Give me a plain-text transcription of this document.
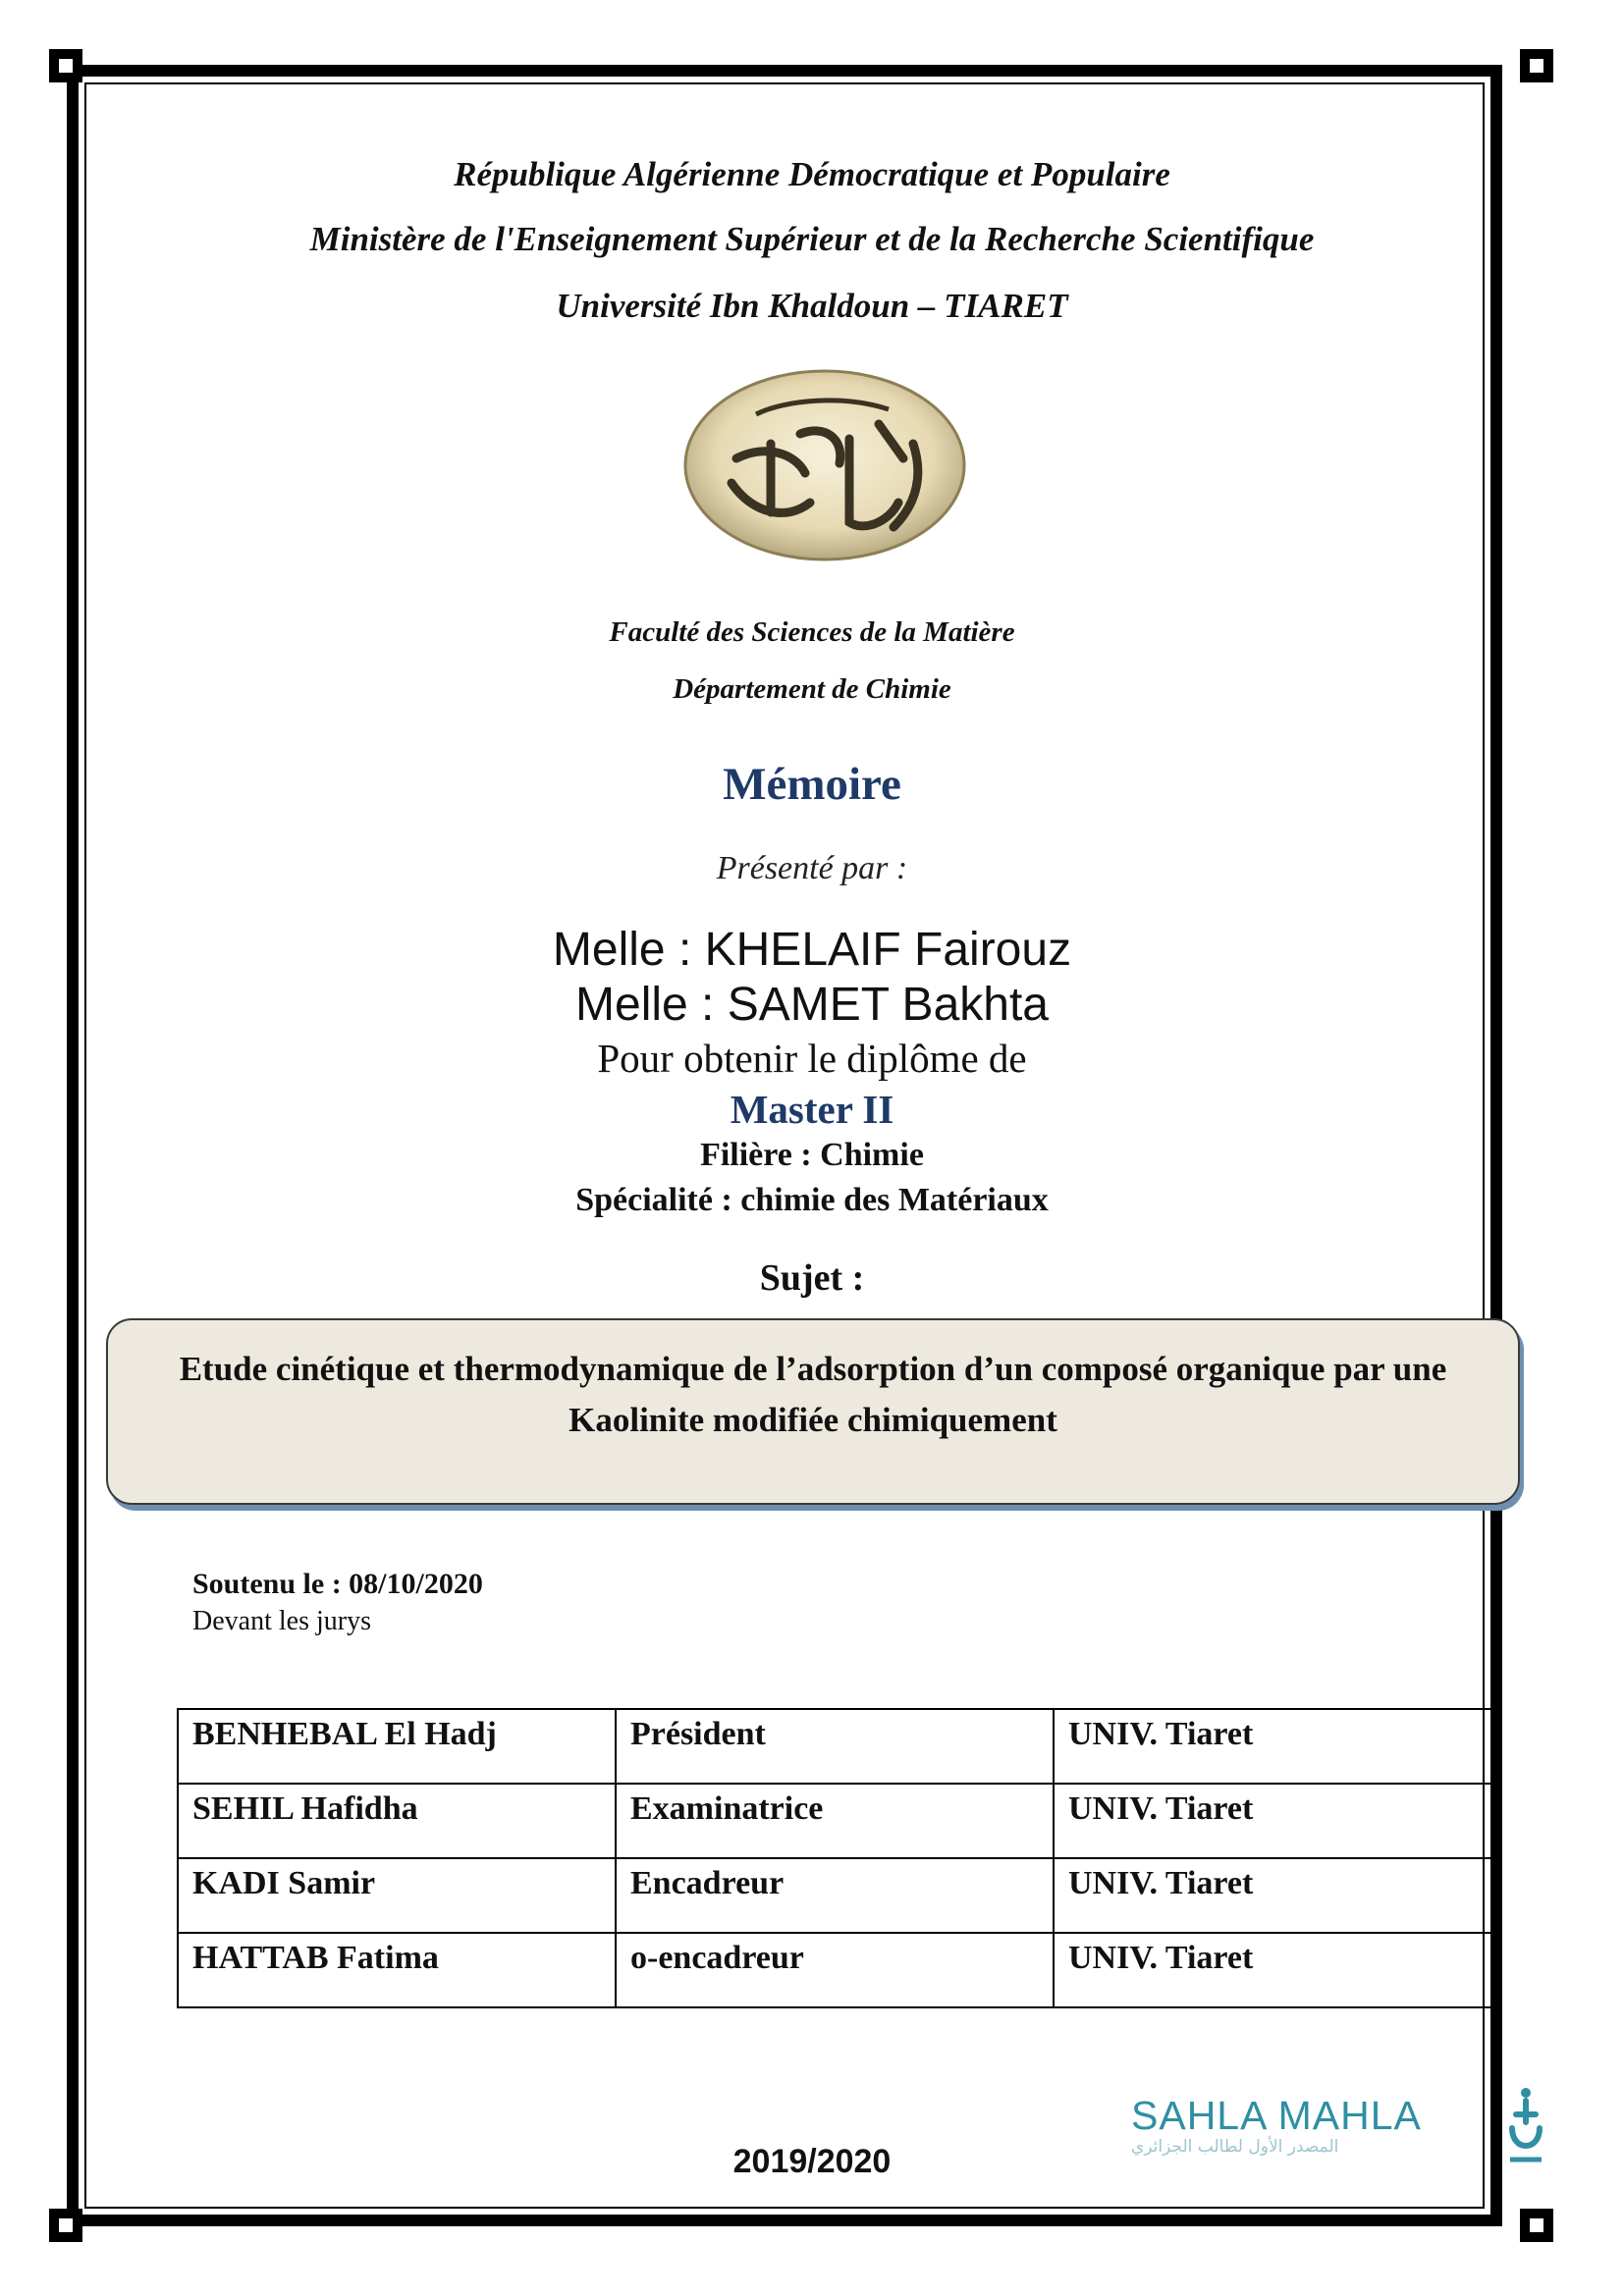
République Algérienne Démocratique et Populaire
Ministère de l'Enseignement Supérieur et de la Recherche Scientifique
Université Ibn Khaldoun – TIARET
Faculté des Sciences de la Matière
Département de Chimie
Mémoire
Présenté par :
Melle : KHELAIF Fairouz
Melle : SAMET Bakhta
Pour obtenir le diplôme de
Master II
Filière : Chimie
Spécialité : chimie des Matériaux
Sujet :
Etude cinétique et thermodynamique de l’adsorption d’un composé organique par une Kaolinite modifiée chimiquement
Soutenu le : 08/10/2020
Devant les jurys
BENHEBAL El Hadj	Président	UNIV. Tiaret
SEHIL Hafidha	Examinatrice	UNIV. Tiaret
KADI Samir	Encadreur	UNIV. Tiaret
HATTAB Fatima	o-encadreur	UNIV. Tiaret
2019/2020
SAHLA MAHLA
المصدر الأول لطالب الجزائري
